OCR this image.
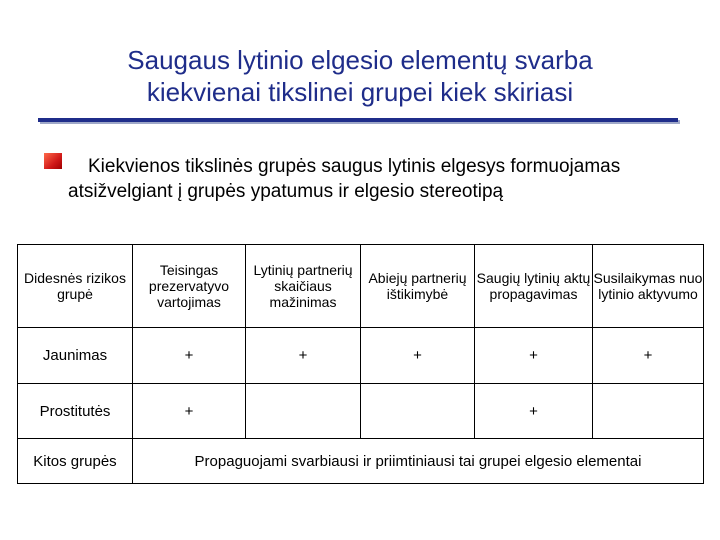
Saugaus lytinio elgesio elementų svarba
kiekvienai tikslinei grupei kiek skiriasi
Kiekvienos tikslinės grupės saugus lytinis elgesys formuojamas atsižvelgiant į grupės ypatumus ir elgesio stereotipą
Didesnės rizikos grupė	Teisingas prezervatyvo vartojimas	Lytinių partnerių skaičiaus mažinimas	Abiejų partnerių ištikimybė	Saugių lytinių aktų propagavimas	Susilaikymas nuo lytinio aktyvumo
Jaunimas	+	+	+	+	+
Prostitutės	+			+	
Kitos grupės	Propaguojami svarbiausi ir priimtiniausi tai grupei elgesio elementai				
